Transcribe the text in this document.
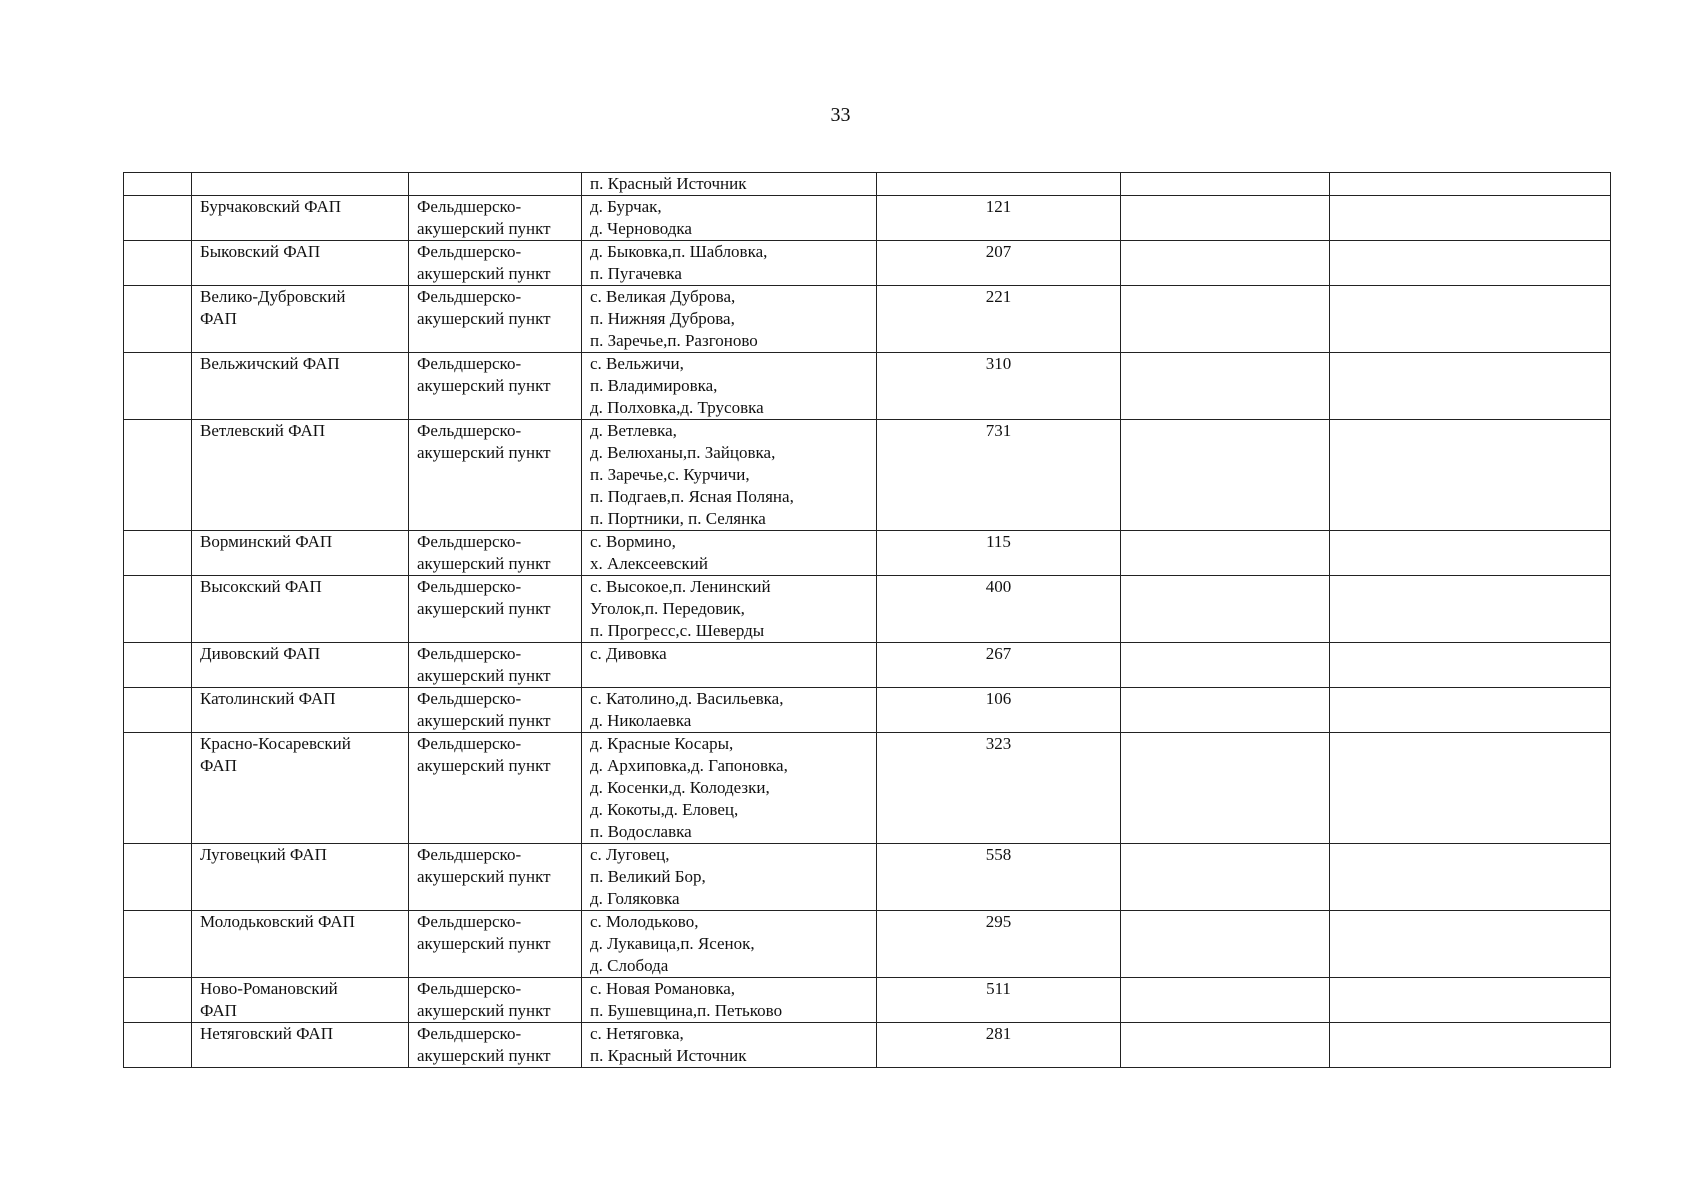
33

			п. Красный Источник			

	Бурчаковский ФАП	Фельдшерско-
акушерский пункт	д. Бурчак,
д. Черноводка	121		

	Быковский ФАП	Фельдшерско-
акушерский пункт	д. Быковка,п. Шабловка,
п. Пугачевка	207		

	Велико-Дубровский
ФАП	Фельдшерско-
акушерский пункт	с. Великая Дуброва,
п. Нижняя Дуброва,
п. Заречье,п. Разгоново	221		

	Вельжичский ФАП	Фельдшерско-
акушерский пункт	с. Вельжичи,
п. Владимировка,
д. Полховка,д. Трусовка	310		

	Ветлевский ФАП	Фельдшерско-
акушерский пункт	д. Ветлевка,
д. Велюханы,п. Зайцовка,
п. Заречье,с. Курчичи,
п. Подгаев,п. Ясная Поляна,
п. Портники, п. Селянка	731		

	Ворминский ФАП	Фельдшерско-
акушерский пункт	с. Вормино,
х. Алексеевский	115		

	Высокский ФАП	Фельдшерско-
акушерский пункт	с. Высокое,п. Ленинский
Уголок,п. Передовик,
п. Прогресс,с. Шеверды	400		

	Дивовский ФАП	Фельдшерско-
акушерский пункт	с. Дивовка	267		

	Католинский ФАП	Фельдшерско-
акушерский пункт	с. Католино,д. Васильевка,
д. Николаевка	106		

	Красно-Косаревский
ФАП	Фельдшерско-
акушерский пункт	д. Красные Косары,
д. Архиповка,д. Гапоновка,
д. Косенки,д. Колодезки,
д. Кокоты,д. Еловец,
п. Водославка	323		

	Луговецкий ФАП	Фельдшерско-
акушерский пункт	с. Луговец,
п. Великий Бор,
д. Голяковка	558		

	Молодьковский ФАП	Фельдшерско-
акушерский пункт	с. Молодьково,
д. Лукавица,п. Ясенок,
д. Слобода	295		

	Ново-Романовский
ФАП	Фельдшерско-
акушерский пункт	с. Новая Романовка,
п. Бушевщина,п. Петьково	511		

	Нетяговский ФАП	Фельдшерско-
акушерский пункт	с. Нетяговка,
п. Красный Источник	281		
